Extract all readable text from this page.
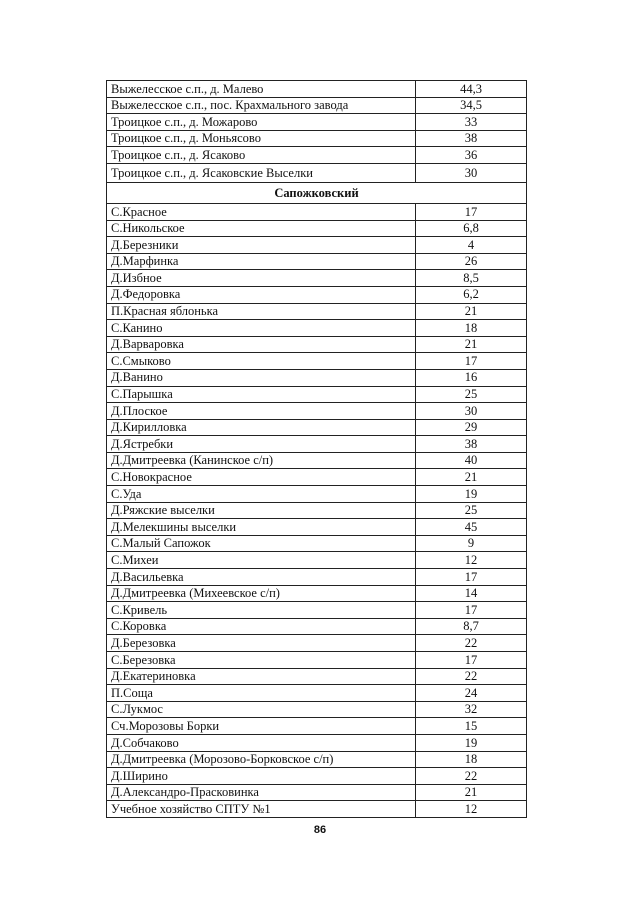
Выжелесское с.п., д. Малево	44,3
Выжелесское с.п., пос. Крахмального завода	34,5
Троицкое с.п., д. Можарово	33
Троицкое с.п., д. Моньясово	38
Троицкое с.п., д. Ясаково	36
Троицкое с.п., д. Ясаковские Выселки	30
Сапожковский	
С.Красное	17
С.Никольское	6,8
Д.Березники	4
Д.Марфинка	26
Д.Избное	8,5
Д.Федоровка	6,2
П.Красная яблонька	21
С.Канино	18
Д.Варваровка	21
С.Смыково	17
Д.Ванино	16
С.Парышка	25
Д.Плоское	30
Д.Кирилловка	29
Д.Ястребки	38
Д.Дмитреевка (Канинское с/п)	40
С.Новокрасное	21
С.Уда	19
Д.Ряжские выселки	25
Д.Мелекшины выселки	45
С.Малый Сапожок	9
С.Михеи	12
Д.Васильевка	17
Д.Дмитреевка (Михеевское с/п)	14
С.Кривель	17
С.Коровка	8,7
Д.Березовка	22
С.Березовка	17
Д.Екатериновка	22
П.Соща	24
С.Лукмос	32
Сч.Морозовы Борки	15
Д.Собчаково	19
Д.Дмитреевка (Морозово-Борковское с/п)	18
Д.Ширино	22
Д.Александро-Прасковинка	21
Учебное хозяйство СПТУ №1	12
86
